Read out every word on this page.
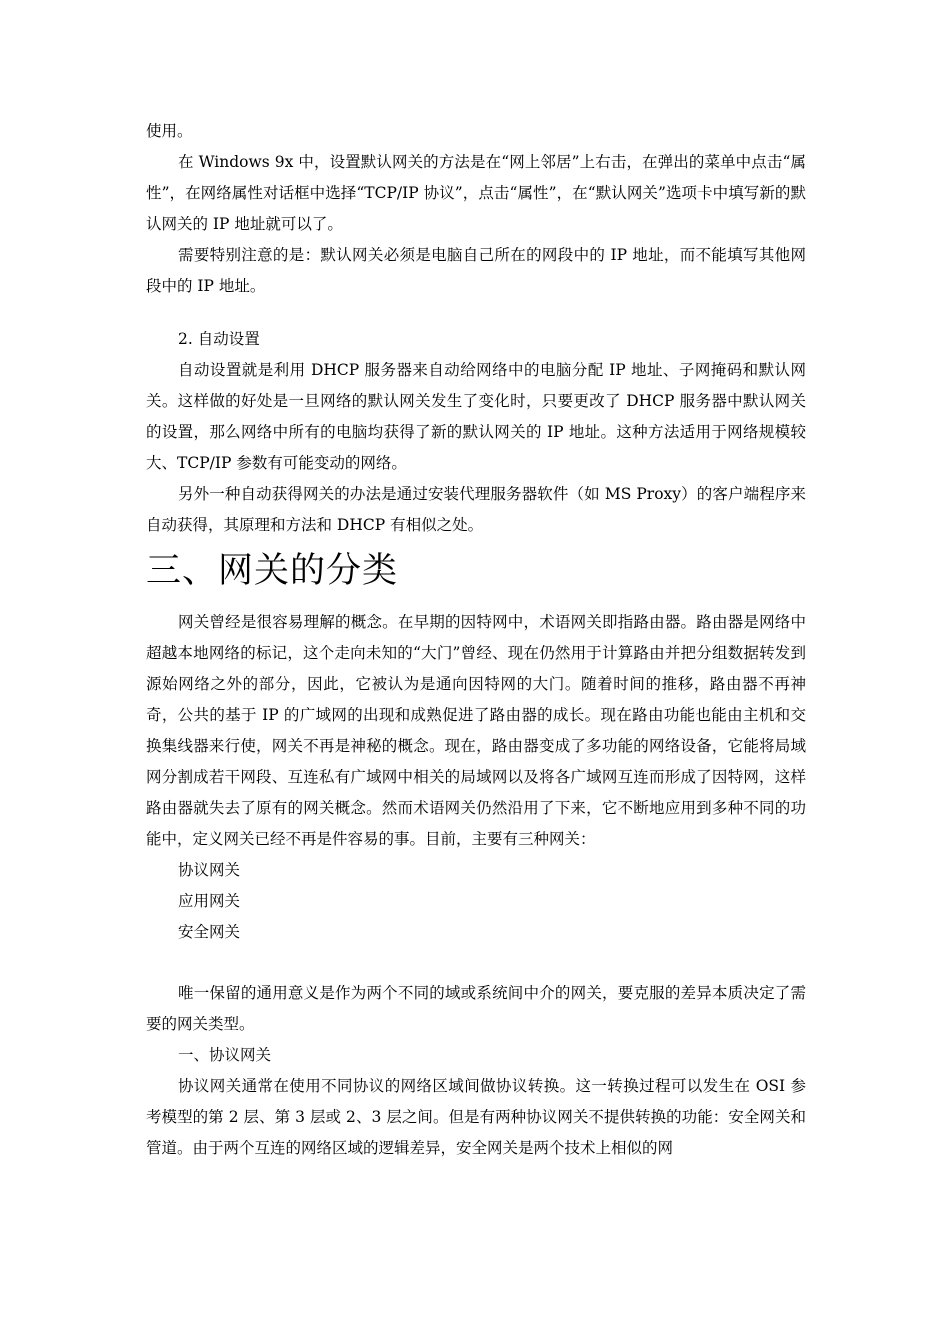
使用。

在 Windows 9x 中，设置默认网关的方法是在“网上邻居”上右击，在弹出的菜单中点击“属性”，在网络属性对话框中选择“TCP/IP 协议”，点击“属性”，在“默认网关”选项卡中填写新的默认网关的 IP 地址就可以了。

需要特别注意的是：默认网关必须是电脑自己所在的网段中的 IP 地址，而不能填写其他网段中的 IP 地址。

2. 自动设置

自动设置就是利用 DHCP 服务器来自动给网络中的电脑分配 IP 地址、子网掩码和默认网关。这样做的好处是一旦网络的默认网关发生了变化时，只要更改了 DHCP 服务器中默认网关的设置，那么网络中所有的电脑均获得了新的默认网关的 IP 地址。这种方法适用于网络规模较大、TCP/IP 参数有可能变动的网络。

另外一种自动获得网关的办法是通过安装代理服务器软件（如 MS Proxy）的客户端程序来自动获得，其原理和方法和 DHCP 有相似之处。

三、网关的分类

网关曾经是很容易理解的概念。在早期的因特网中，术语网关即指路由器。路由器是网络中超越本地网络的标记，这个走向未知的“大门”曾经、现在仍然用于计算路由并把分组数据转发到源始网络之外的部分，因此，它被认为是通向因特网的大门。随着时间的推移，路由器不再神奇，公共的基于 IP 的广域网的出现和成熟促进了路由器的成长。现在路由功能也能由主机和交换集线器来行使，网关不再是神秘的概念。现在，路由器变成了多功能的网络设备，它能将局域网分割成若干网段、互连私有广域网中相关的局域网以及将各广域网互连而形成了因特网，这样路由器就失去了原有的网关概念。然而术语网关仍然沿用了下来，它不断地应用到多种不同的功能中，定义网关已经不再是件容易的事。目前，主要有三种网关：

协议网关

应用网关

安全网关

唯一保留的通用意义是作为两个不同的域或系统间中介的网关，要克服的差异本质决定了需要的网关类型。

一、协议网关

协议网关通常在使用不同协议的网络区域间做协议转换。这一转换过程可以发生在 OSI 参考模型的第 2 层、第 3 层或 2、3 层之间。但是有两种协议网关不提供转换的功能：安全网关和管道。由于两个互连的网络区域的逻辑差异，安全网关是两个技术上相似的网
